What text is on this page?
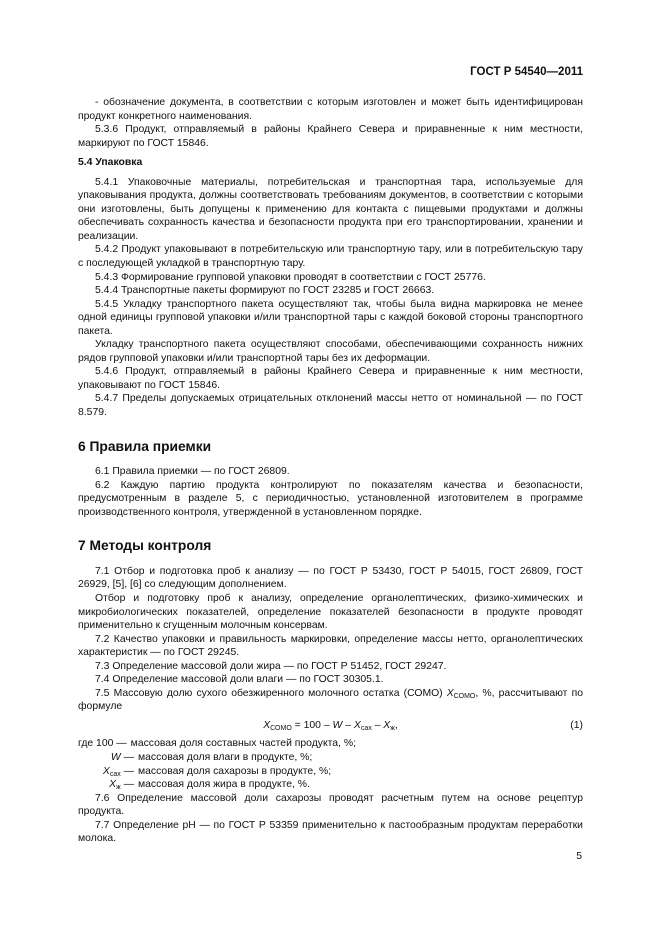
ГОСТ Р 54540—2011

- обозначение документа, в соответствии с которым изготовлен и может быть идентифицирован продукт конкретного наименования.

5.3.6 Продукт, отправляемый в районы Крайнего Севера и приравненные к ним местности, маркируют по ГОСТ 15846.

5.4 Упаковка

5.4.1 Упаковочные материалы, потребительская и транспортная тара, используемые для упаковывания продукта, должны соответствовать требованиям документов, в соответствии с которыми они изготовлены, быть допущены к применению для контакта с пищевыми продуктами и должны обеспечивать сохранность качества и безопасности продукта при его транспортировании, хранении и реализации.

5.4.2 Продукт упаковывают в потребительскую или транспортную тару, или в потребительскую тару с последующей укладкой в транспортную тару.

5.4.3 Формирование групповой упаковки проводят в соответствии с ГОСТ 25776.

5.4.4 Транспортные пакеты формируют по ГОСТ 23285 и ГОСТ 26663.

5.4.5 Укладку транспортного пакета осуществляют так, чтобы была видна маркировка не менее одной единицы групповой упаковки и/или транспортной тары с каждой боковой стороны транспортного пакета.

Укладку транспортного пакета осуществляют способами, обеспечивающими сохранность нижних рядов групповой упаковки и/или транспортной тары без их деформации.

5.4.6 Продукт, отправляемый в районы Крайнего Севера и приравненные к ним местности, упаковывают по ГОСТ 15846.

5.4.7 Пределы допускаемых отрицательных отклонений массы нетто от номинальной — по ГОСТ 8.579.

6 Правила приемки

6.1 Правила приемки — по ГОСТ 26809.

6.2 Каждую партию продукта контролируют по показателям качества и безопасности, предусмотренным в разделе 5, с периодичностью, установленной изготовителем в программе производственного контроля, утвержденной в установленном порядке.

7 Методы контроля

7.1 Отбор и подготовка проб к анализу — по ГОСТ Р 53430, ГОСТ Р 54015, ГОСТ 26809, ГОСТ 26929, [5], [6] со следующим дополнением.

Отбор и подготовку проб к анализу, определение органолептических, физико-химических и микробиологических показателей, определение показателей безопасности в продукте проводят применительно к сгущенным молочным консервам.

7.2 Качество упаковки и правильность маркировки, определение массы нетто, органолептических характеристик — по ГОСТ 29245.

7.3 Определение массовой доли жира — по ГОСТ Р 51452, ГОСТ 29247.

7.4 Определение массовой доли влаги — по ГОСТ 30305.1.

7.5 Массовую долю сухого обезжиренного молочного остатка (СОМО) $X_{СОМО}$, %, рассчитывают по формуле

$X_{СОМО} = 100 - W - X_{сах} - X_ж$,	(1)
где 100 — массовая доля составных частей продукта, %;
W — массовая доля влаги в продукте, %;
$X_{сах}$ — массовая доля сахарозы в продукте, %;
$X_ж$ — массовая доля жира в продукте, %.

7.6 Определение массовой доли сахарозы проводят расчетным путем на основе рецептур продукта.

7.7 Определение pH — по ГОСТ Р 53359 применительно к пастообразным продуктам переработки молока.

5
